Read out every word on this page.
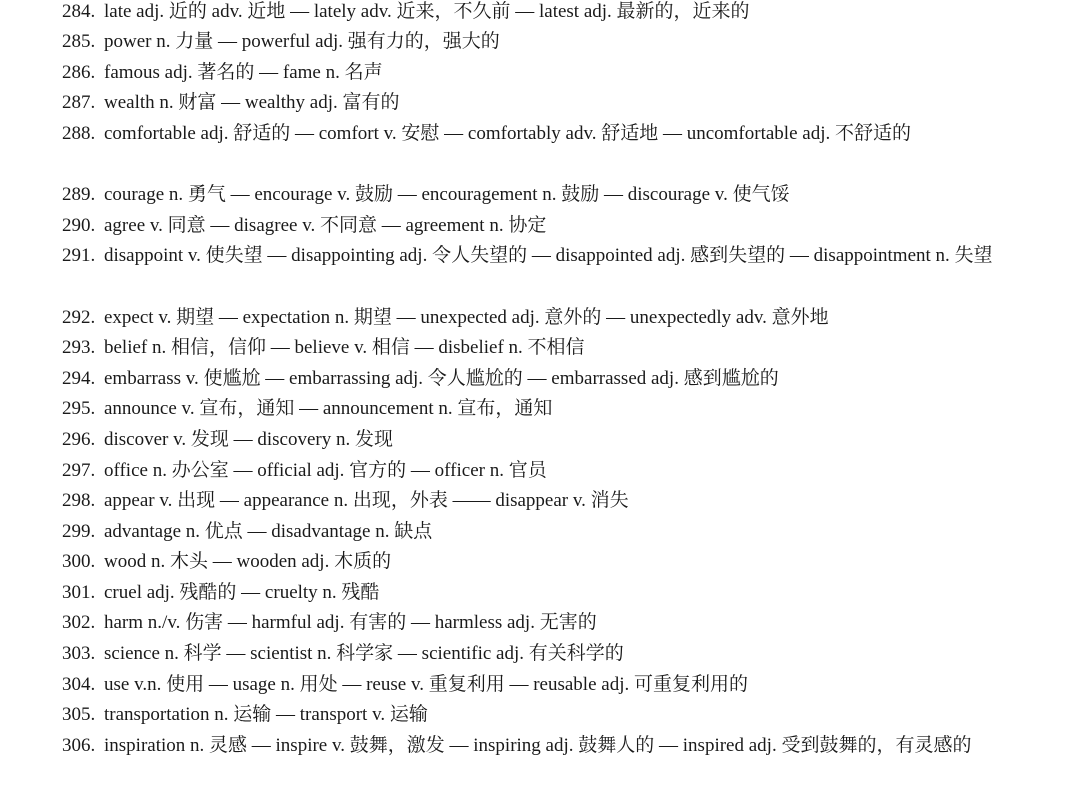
284. late adj. 近的 adv. 近地 — lately adv. 近来，不久前 — latest adj. 最新的，近来的
285. power n. 力量 — powerful adj. 强有力的，强大的
286. famous adj. 著名的 — fame n. 名声
287. wealth n. 财富 — wealthy adj. 富有的
288. comfortable adj. 舒适的 — comfort v. 安慰 — comfortably adv. 舒适地 — uncomfortable adj. 不舒适的
289. courage n. 勇气 — encourage v. 鼓励 — encouragement n. 鼓励 — discourage v. 使气馁
290. agree v. 同意 — disagree v. 不同意 — agreement n. 协定
291. disappoint v. 使失望 — disappointing adj. 令人失望的 — disappointed adj. 感到失望的 — disappointment n. 失望
292. expect v. 期望 — expectation n. 期望 — unexpected adj. 意外的 — unexpectedly adv. 意外地
293. belief n. 相信，信仰 — believe v. 相信 — disbelief n. 不相信
294. embarrass v. 使尴尬 — embarrassing adj. 令人尴尬的 — embarrassed adj. 感到尴尬的
295. announce v. 宣布，通知 — announcement n. 宣布，通知
296. discover v. 发现 — discovery n. 发现
297. office n. 办公室 — official adj. 官方的 — officer n. 官员
298. appear v. 出现 — appearance n. 出现，外表 —— disappear v. 消失
299. advantage n. 优点 — disadvantage n. 缺点
300. wood n. 木头 — wooden adj. 木质的
301. cruel adj. 残酷的 — cruelty n. 残酷
302. harm n./v. 伤害 — harmful adj. 有害的 — harmless adj. 无害的
303. science n. 科学 — scientist n. 科学家 — scientific adj. 有关科学的
304. use v.n. 使用 — usage n. 用处 — reuse v. 重复利用 — reusable adj. 可重复利用的
305. transportation n. 运输 — transport v. 运输
306. inspiration n. 灵感 — inspire v. 鼓舞，激发 — inspiring adj. 鼓舞人的 — inspired adj. 受到鼓舞的，有灵感的
